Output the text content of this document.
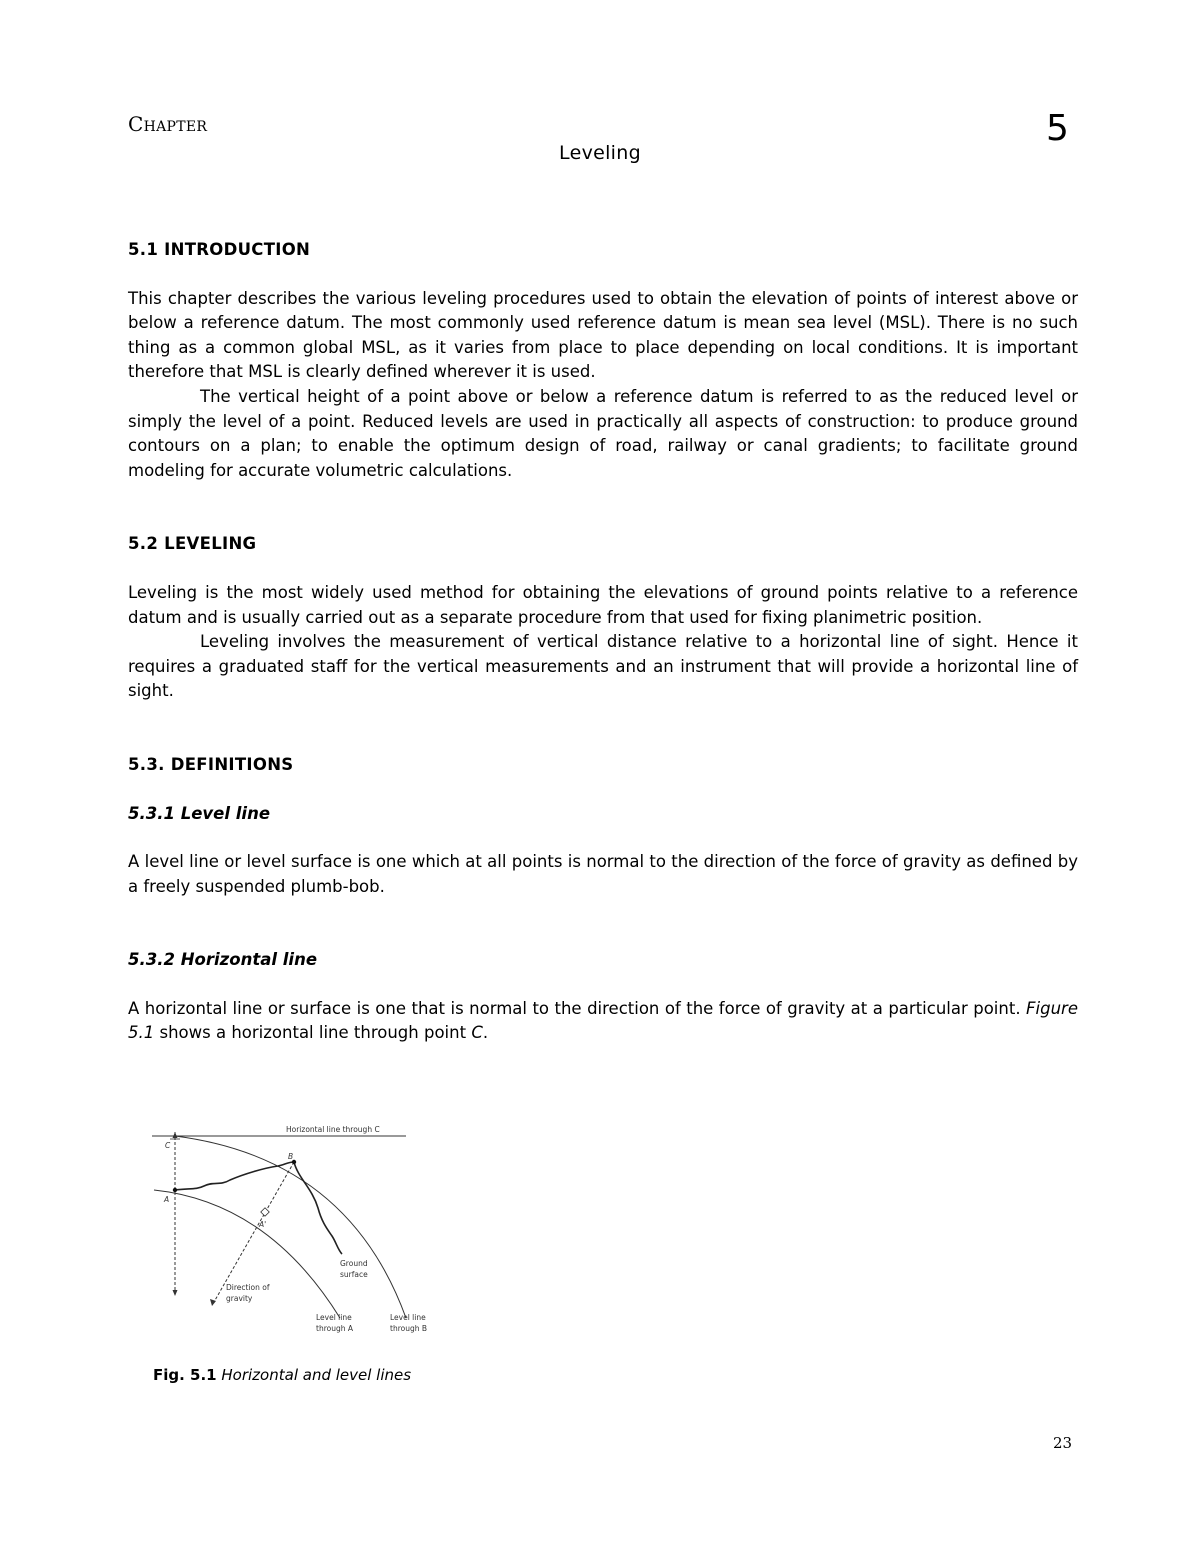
Chapter	5
Leveling
5.1 INTRODUCTION

This chapter describes the various leveling procedures used to obtain the elevation of points of interest above or below a reference datum. The most commonly used reference datum is mean sea level (MSL). There is no such thing as a common global MSL, as it varies from place to place depending on local conditions. It is important therefore that MSL is clearly defined wherever it is used.

The vertical height of a point above or below a reference datum is referred to as the reduced level or simply the level of a point. Reduced levels are used in practically all aspects of construction: to produce ground contours on a plan; to enable the optimum design of road, railway or canal gradients; to facilitate ground modeling for accurate volumetric calculations.

5.2 LEVELING

Leveling is the most widely used method for obtaining the elevations of ground points relative to a reference datum and is usually carried out as a separate procedure from that used for fixing planimetric position.

Leveling involves the measurement of vertical distance relative to a horizontal line of sight. Hence it requires a graduated staff for the vertical measurements and an instrument that will provide a horizontal line of sight.

5.3. DEFINITIONS
5.3.1 Level line

A level line or level surface is one which at all points is normal to the direction of the force of gravity as defined by a freely suspended plumb-bob.

5.3.2 Horizontal line

A horizontal line or surface is one that is normal to the direction of the force of gravity at a particular point. Figure 5.1 shows a horizontal line through point C.

Horizontal line through C
C
B
A
A'
Ground
surface
Direction of
gravity
Level line
through A
Level line
through B
Fig. 5.1 Horizontal and level lines
23
